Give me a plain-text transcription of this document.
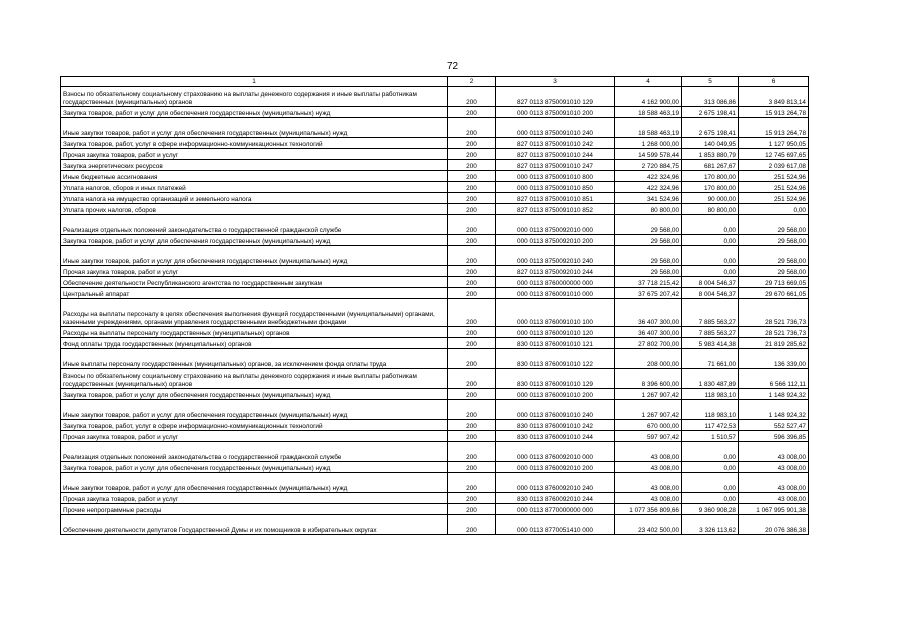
72
1	2	3	4	5	6
Взносы по обязательному социальному страхованию на выплаты денежного содержания и иные выплаты работникам государственных (муниципальных) органов	200	827 0113 8750091010 129	4 162 900,00	313 086,86	3 849 813,14
Закупка товаров, работ и услуг для обеспечения государственных (муниципальных) нужд	200	000 0113 8750091010 200	18 588 463,19	2 675 198,41	15 913 264,78
Иные закупки товаров, работ и услуг для обеспечения государственных (муниципальных) нужд	200	000 0113 8750091010 240	18 588 463,19	2 675 198,41	15 913 264,78
Закупка товаров, работ, услуг в сфере информационно-коммуникационных технологий	200	827 0113 8750091010 242	1 268 000,00	140 049,95	1 127 950,05
Прочая закупка товаров, работ и услуг	200	827 0113 8750091010 244	14 599 578,44	1 853 880,79	12 745 697,65
Закупка энергетических ресурсов	200	827 0113 8750091010 247	2 720 884,75	681 267,67	2 039 617,08
Иные бюджетные ассигнования	200	000 0113 8750091010 800	422 324,96	170 800,00	251 524,96
Уплата налогов, сборов и иных платежей	200	000 0113 8750091010 850	422 324,96	170 800,00	251 524,96
Уплата налога на имущество организаций и земельного налога	200	827 0113 8750091010 851	341 524,96	90 000,00	251 524,96
Уплата прочих налогов, сборов	200	827 0113 8750091010 852	80 800,00	80 800,00	0,00
Реализация отдельных положений законодательства о государственной гражданской службе	200	000 0113 8750092010 000	29 568,00	0,00	29 568,00
Закупка товаров, работ и услуг для обеспечения государственных (муниципальных) нужд	200	000 0113 8750092010 200	29 568,00	0,00	29 568,00
Иные закупки товаров, работ и услуг для обеспечения государственных (муниципальных) нужд	200	000 0113 8750092010 240	29 568,00	0,00	29 568,00
Прочая закупка товаров, работ и услуг	200	827 0113 8750092010 244	29 568,00	0,00	29 568,00
Обеспечение деятельности Республиканского агентства по государственным закупкам	200	000 0113 8760000000 000	37 718 215,42	8 004 546,37	29 713 669,05
Центральный аппарат	200	000 0113 8760091010 000	37 675 207,42	8 004 546,37	29 670 661,05
Расходы на выплаты персоналу в целях обеспечения выполнения функций государственными (муниципальными) органами, казенными учреждениями, органами управления государственными внебюджетными фондами	200	000 0113 8760091010 100	36 407 300,00	7 885 563,27	28 521 736,73
Расходы на выплаты персоналу государственных (муниципальных) органов	200	000 0113 8760091010 120	36 407 300,00	7 885 563,27	28 521 736,73
Фонд оплаты труда государственных (муниципальных) органов	200	830 0113 8760091010 121	27 802 700,00	5 983 414,38	21 819 285,62
Иные выплаты персоналу государственных (муниципальных) органов, за исключением фонда оплаты труда	200	830 0113 8760091010 122	208 000,00	71 661,00	136 339,00
Взносы по обязательному социальному страхованию на выплаты денежного содержания и иные выплаты работникам государственных (муниципальных) органов	200	830 0113 8760091010 129	8 396 600,00	1 830 487,89	6 566 112,11
Закупка товаров, работ и услуг для обеспечения государственных (муниципальных) нужд	200	000 0113 8760091010 200	1 267 907,42	118 983,10	1 148 924,32
Иные закупки товаров, работ и услуг для обеспечения государственных (муниципальных) нужд	200	000 0113 8760091010 240	1 267 907,42	118 983,10	1 148 924,32
Закупка товаров, работ, услуг в сфере информационно-коммуникационных технологий	200	830 0113 8760091010 242	670 000,00	117 472,53	552 527,47
Прочая закупка товаров, работ и услуг	200	830 0113 8760091010 244	597 907,42	1 510,57	596 396,85
Реализация отдельных положений законодательства о государственной гражданской службе	200	000 0113 8760092010 000	43 008,00	0,00	43 008,00
Закупка товаров, работ и услуг для обеспечения государственных (муниципальных) нужд	200	000 0113 8760092010 200	43 008,00	0,00	43 008,00
Иные закупки товаров, работ и услуг для обеспечения государственных (муниципальных) нужд	200	000 0113 8760092010 240	43 008,00	0,00	43 008,00
Прочая закупка товаров, работ и услуг	200	830 0113 8760092010 244	43 008,00	0,00	43 008,00
Прочие непрограммные расходы	200	000 0113 8770000000 000	1 077 356 809,66	9 360 908,28	1 067 995 901,38
Обеспечение деятельности депутатов Государственной Думы и их помощников в избирательных округах	200	000 0113 8770051410 000	23 402 500,00	3 326 113,62	20 076 386,38
